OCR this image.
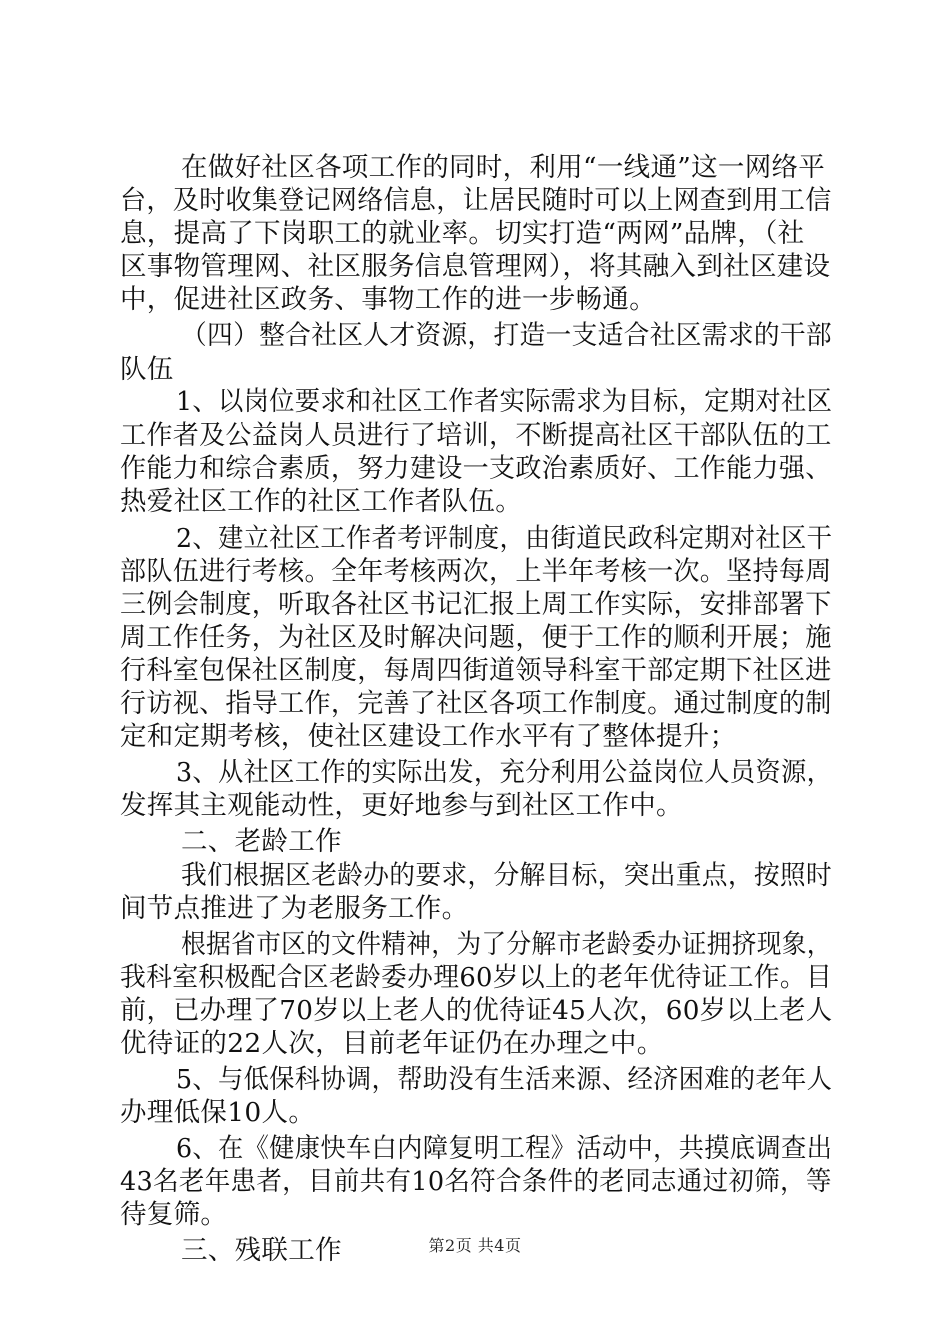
在做好社区各项工作的同时，利用“一线通”这一网络平
台，及时收集登记网络信息，让居民随时可以上网查到用工信
息，提高了下岗职工的就业率。切实打造“两网”品牌，（社
区事物管理网、社区服务信息管理网），将其融入到社区建设
中，促进社区政务、事物工作的进一步畅通。
（四）整合社区人才资源，打造一支适合社区需求的干部
队伍
1、以岗位要求和社区工作者实际需求为目标，定期对社区
工作者及公益岗人员进行了培训，不断提高社区干部队伍的工
作能力和综合素质，努力建设一支政治素质好、工作能力强、
热爱社区工作的社区工作者队伍。
2、建立社区工作者考评制度，由街道民政科定期对社区干
部队伍进行考核。全年考核两次，上半年考核一次。坚持每周
三例会制度，听取各社区书记汇报上周工作实际，安排部署下
周工作任务，为社区及时解决问题，便于工作的顺利开展；施
行科室包保社区制度，每周四街道领导科室干部定期下社区进
行访视、指导工作，完善了社区各项工作制度。通过制度的制
定和定期考核，使社区建设工作水平有了整体提升；
3、从社区工作的实际出发，充分利用公益岗位人员资源，
发挥其主观能动性，更好地参与到社区工作中。
二、老龄工作
我们根据区老龄办的要求，分解目标，突出重点，按照时
间节点推进了为老服务工作。
根据省市区的文件精神，为了分解市老龄委办证拥挤现象，
我科室积极配合区老龄委办理60岁以上的老年优待证工作。目
前，已办理了70岁以上老人的优待证45人次，60岁以上老人
优待证的22人次，目前老年证仍在办理之中。
5、与低保科协调，帮助没有生活来源、经济困难的老年人
办理低保10人。
6、在《健康快车白内障复明工程》活动中，共摸底调查出
43名老年患者，目前共有10名符合条件的老同志通过初筛，等
待复筛。
三、残联工作	第2页 共4页
